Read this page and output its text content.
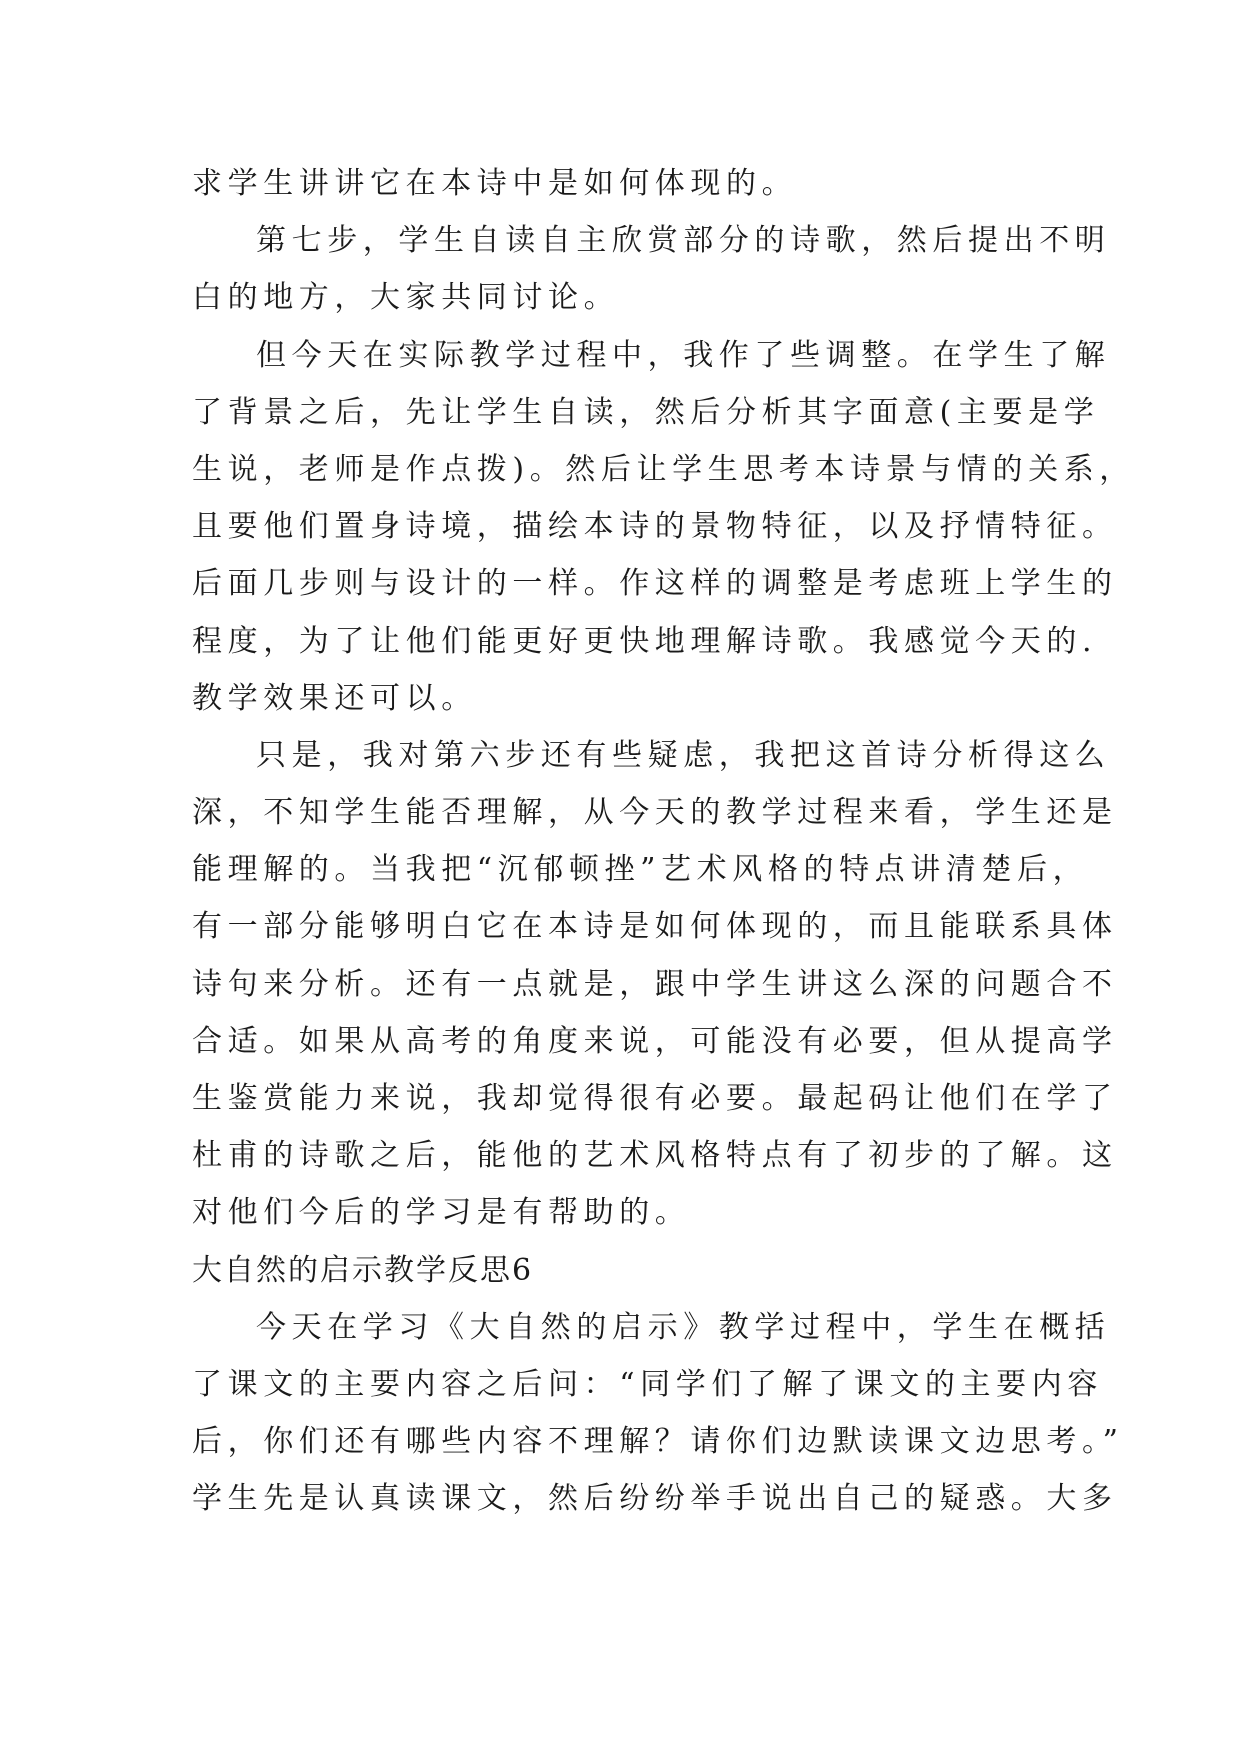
求学生讲讲它在本诗中是如何体现的。
第七步，学生自读自主欣赏部分的诗歌，然后提出不明
白的地方，大家共同讨论。
但今天在实际教学过程中，我作了些调整。在学生了解
了背景之后，先让学生自读，然后分析其字面意(主要是学
生说，老师是作点拨)。然后让学生思考本诗景与情的关系，
且要他们置身诗境，描绘本诗的景物特征，以及抒情特征。
后面几步则与设计的一样。作这样的调整是考虑班上学生的
程度，为了让他们能更好更快地理解诗歌。我感觉今天的.
教学效果还可以。
只是，我对第六步还有些疑虑，我把这首诗分析得这么
深，不知学生能否理解，从今天的教学过程来看，学生还是
能理解的。当我把“沉郁顿挫”艺术风格的特点讲清楚后，
有一部分能够明白它在本诗是如何体现的，而且能联系具体
诗句来分析。还有一点就是，跟中学生讲这么深的问题合不
合适。如果从高考的角度来说，可能没有必要，但从提高学
生鉴赏能力来说，我却觉得很有必要。最起码让他们在学了
杜甫的诗歌之后，能他的艺术风格特点有了初步的了解。这
对他们今后的学习是有帮助的。
大自然的启示教学反思6
今天在学习《大自然的启示》教学过程中，学生在概括
了课文的主要内容之后问：“同学们了解了课文的主要内容
后，你们还有哪些内容不理解？请你们边默读课文边思考。”
学生先是认真读课文，然后纷纷举手说出自己的疑惑。大多
